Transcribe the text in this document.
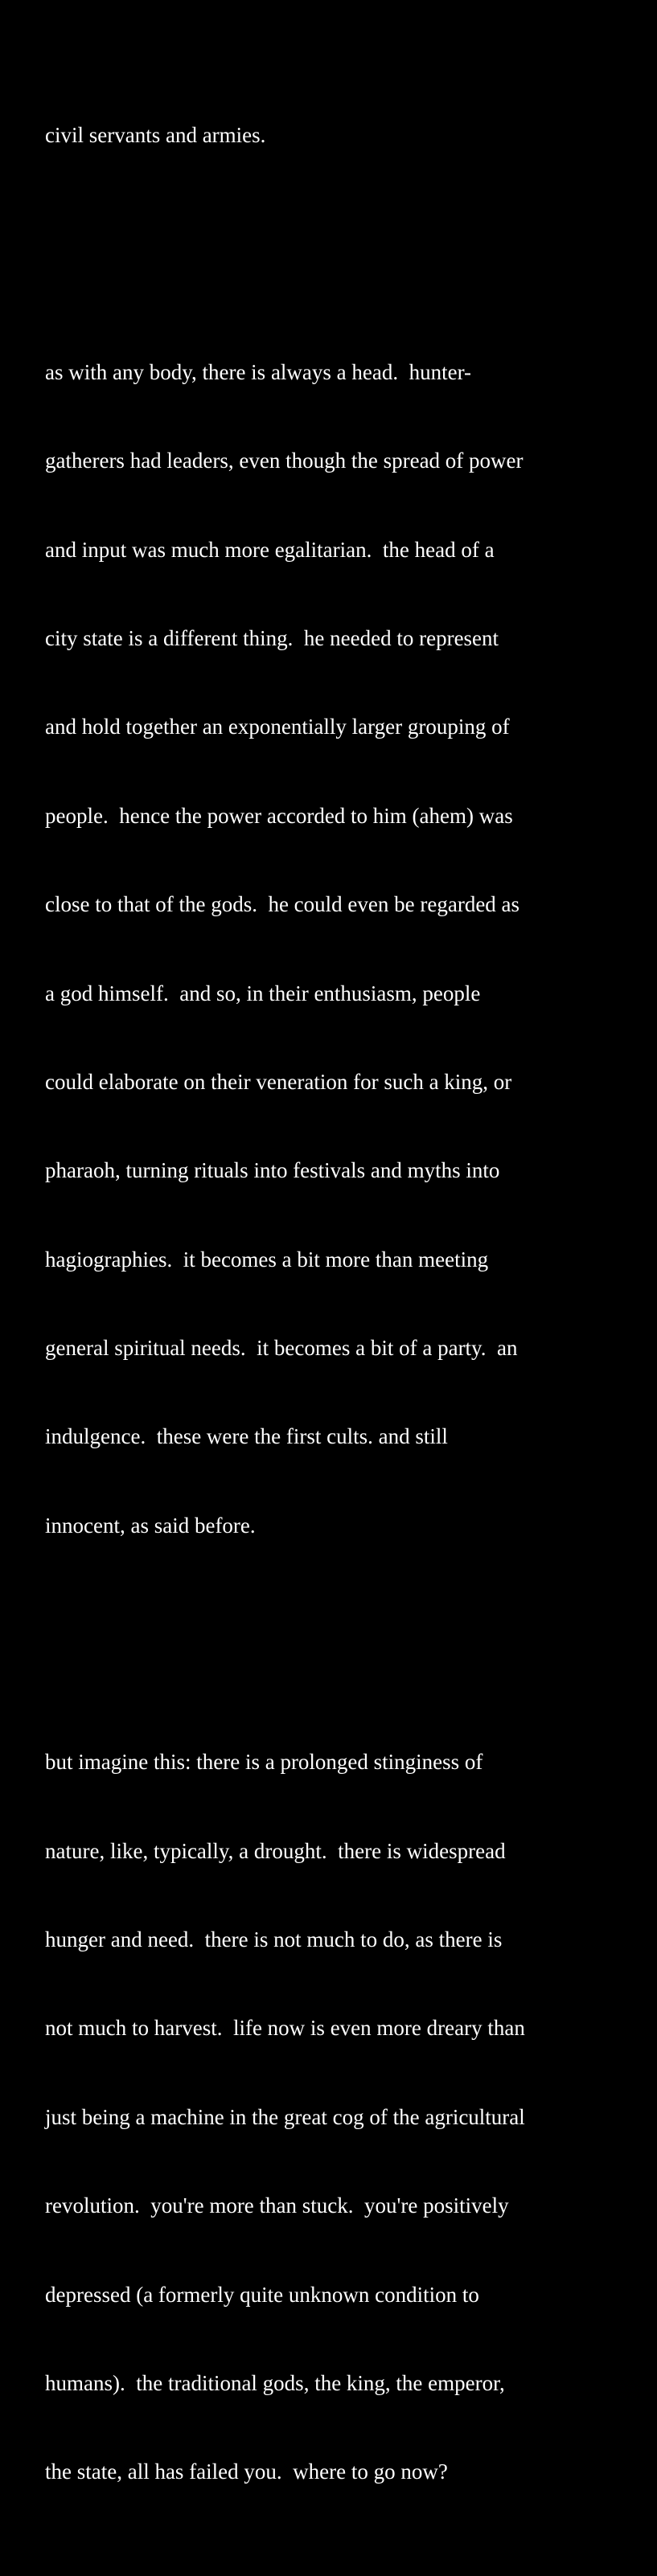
civil servants and armies.

as with any body, there is always a head.  hunter-

gatherers had leaders, even though the spread of power

and input was much more egalitarian.  the head of a

city state is a different thing.  he needed to represent

and hold together an exponentially larger grouping of

people.  hence the power accorded to him (ahem) was

close to that of the gods.  he could even be regarded as

a god himself.  and so, in their enthusiasm, people

could elaborate on their veneration for such a king, or

pharaoh, turning rituals into festivals and myths into

hagiographies.  it becomes a bit more than meeting

general spiritual needs.  it becomes a bit of a party.  an

indulgence.  these were the first cults. and still

innocent, as said before.

but imagine this: there is a prolonged stinginess of

nature, like, typically, a drought.  there is widespread

hunger and need.  there is not much to do, as there is

not much to harvest.  life now is even more dreary than

just being a machine in the great cog of the agricultural

revolution.  you're more than stuck.  you're positively

depressed (a formerly quite unknown condition to

humans).  the traditional gods, the king, the emperor,

the state, all has failed you.  where to go now?
